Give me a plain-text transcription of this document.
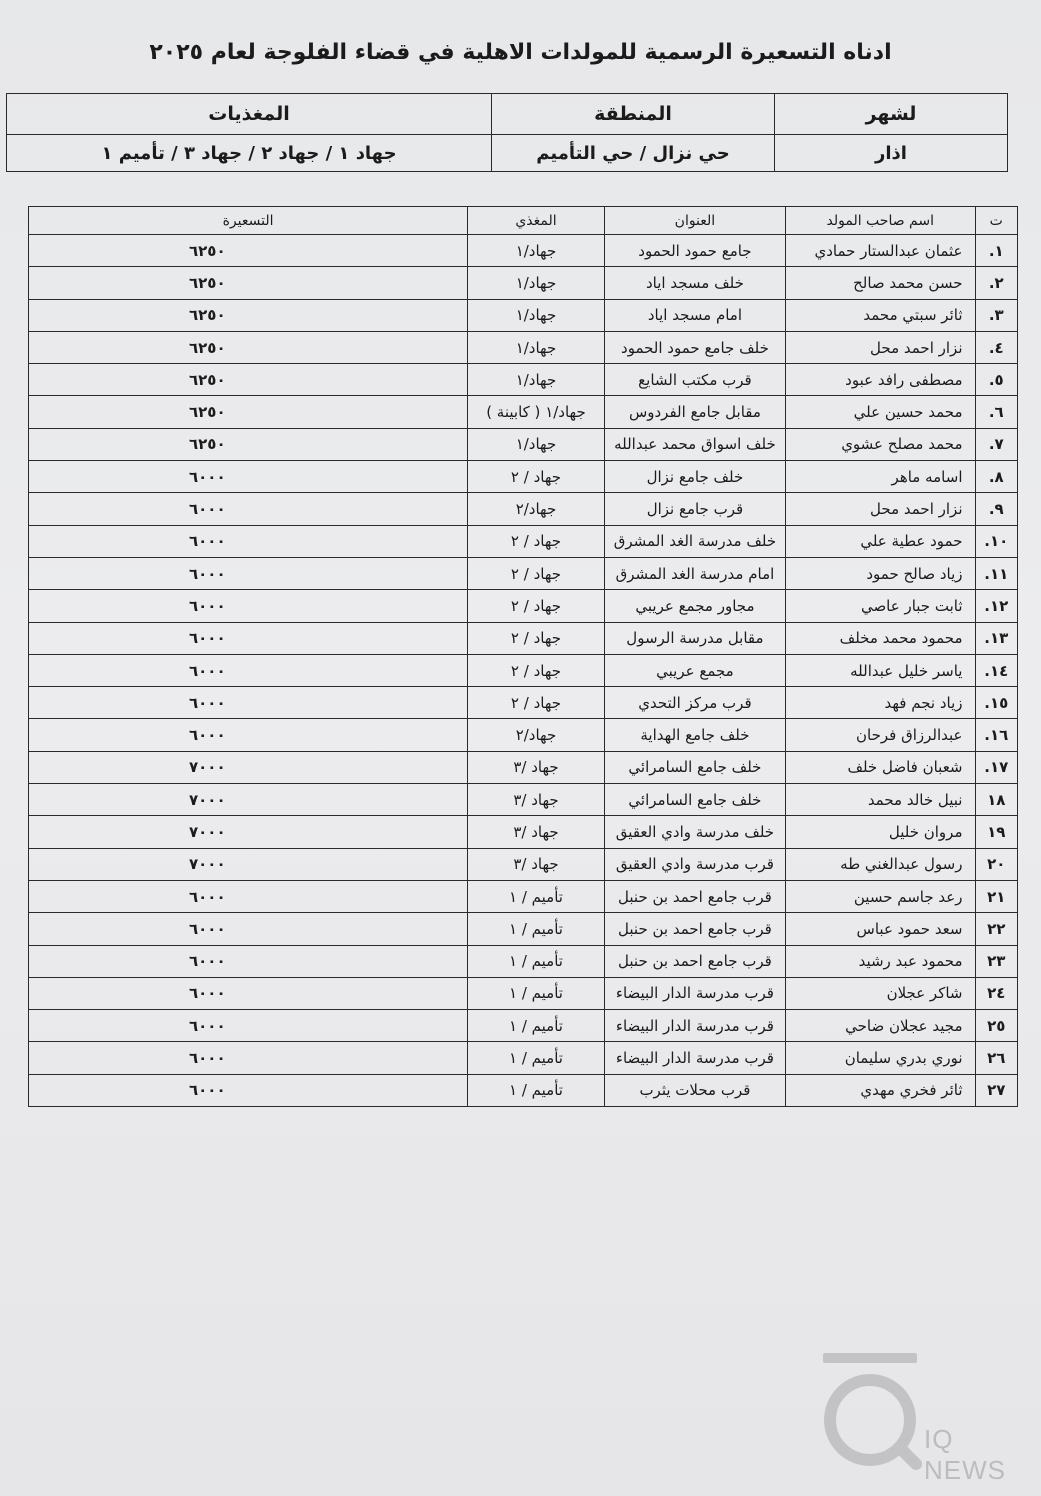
ادناه التسعيرة الرسمية للمولدات الاهلية في قضاء الفلوجة لعام ٢٠٢٥
لشهر	المنطقة	المغذيات
اذار	حي نزال / حي التأميم	جهاد ١ / جهاد ٢ / جهاد ٣ / تأميم ١
ت	اسم صاحب المولد	العنوان	المغذي	التسعيرة
١.	عثمان عبدالستار حمادي	جامع حمود الحمود	جهاد/١	٦٢٥٠
٢.	حسن محمد صالح	خلف مسجد اياد	جهاد/١	٦٢٥٠
٣.	ثائر سبتي محمد	امام مسجد اياد	جهاد/١	٦٢٥٠
٤.	نزار احمد محل	خلف جامع حمود الحمود	جهاد/١	٦٢٥٠
٥.	مصطفى رافد عبود	قرب مكتب الشايع	جهاد/١	٦٢٥٠
٦.	محمد حسين علي	مقابل جامع الفردوس	جهاد/١ ( كابينة )	٦٢٥٠
٧.	محمد مصلح عشوي	خلف اسواق محمد عبدالله	جهاد/١	٦٢٥٠
٨.	اسامه ماهر	خلف جامع نزال	جهاد / ٢	٦٠٠٠
٩.	نزار احمد محل	قرب جامع نزال	جهاد/٢	٦٠٠٠
١٠.	حمود عطية علي	خلف مدرسة الغد المشرق	جهاد / ٢	٦٠٠٠
١١.	زياد صالح حمود	امام مدرسة الغد المشرق	جهاد / ٢	٦٠٠٠
١٢.	ثابت جبار عاصي	مجاور مجمع عريبي	جهاد / ٢	٦٠٠٠
١٣.	محمود محمد مخلف	مقابل مدرسة الرسول	جهاد / ٢	٦٠٠٠
١٤.	ياسر خليل عبدالله	مجمع عريبي	جهاد / ٢	٦٠٠٠
١٥.	زياد نجم فهد	قرب مركز التحدي	جهاد / ٢	٦٠٠٠
١٦.	عبدالرزاق فرحان	خلف جامع الهداية	جهاد/٢	٦٠٠٠
١٧.	شعبان فاضل خلف	خلف جامع السامرائي	جهاد /٣	٧٠٠٠
١٨	نبيل خالد محمد	خلف جامع السامرائي	جهاد /٣	٧٠٠٠
١٩	مروان خليل	خلف مدرسة وادي العقيق	جهاد /٣	٧٠٠٠
٢٠	رسول عبدالغني طه	قرب مدرسة وادي العقيق	جهاد /٣	٧٠٠٠
٢١	رعد جاسم حسين	قرب جامع احمد بن حنبل	تأميم / ١	٦٠٠٠
٢٢	سعد حمود عباس	قرب جامع احمد بن حنبل	تأميم / ١	٦٠٠٠
٢٣	محمود عبد رشيد	قرب جامع احمد بن حنبل	تأميم / ١	٦٠٠٠
٢٤	شاكر عجلان	قرب مدرسة الدار البيضاء	تأميم / ١	٦٠٠٠
٢٥	مجيد عجلان ضاحي	قرب مدرسة الدار البيضاء	تأميم / ١	٦٠٠٠
٢٦	نوري بدري سليمان	قرب مدرسة الدار البيضاء	تأميم / ١	٦٠٠٠
٢٧	ثائر فخري مهدي	قرب محلات يثرب	تأميم / ١	٦٠٠٠
IQ NEWS
